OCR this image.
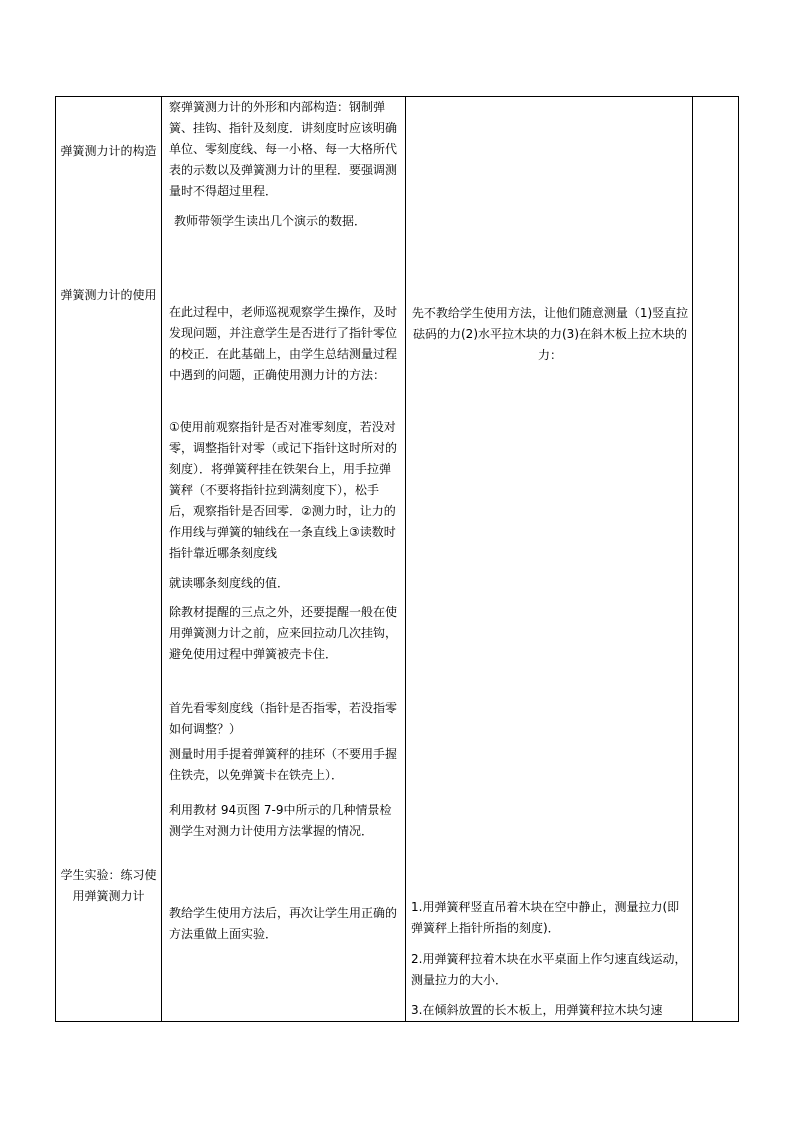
弹簧测力计的构造
弹簧测力计的使用
学生实验：练习使用弹簧测力计
察弹簧测力计的外形和内部构造：钢制弹簧、挂钩、指针及刻度．讲刻度时应该明确单位、零刻度线、每一小格、每一大格所代表的示数以及弹簧测力计的里程．要强调测量时不得超过里程．
教师带领学生读出几个演示的数据．
在此过程中，老师巡视观察学生操作，及时发现问题，并注意学生是否进行了指针零位的校正．在此基础上，由学生总结测量过程中遇到的问题，正确使用测力计的方法：
①使用前观察指针是否对准零刻度，若没对零，调整指针对零（或记下指针这时所对的刻度）．将弹簧秤挂在铁架台上，用手拉弹簧秤（不要将指针拉到满刻度下），松手后，观察指针是否回零．②测力时，让力的作用线与弹簧的轴线在一条直线上③读数时指针靠近哪条刻度线
就读哪条刻度线的值．
除教材提醒的三点之外，还要提醒一般在使用弹簧测力计之前，应来回拉动几次挂钩，避免使用过程中弹簧被壳卡住．
首先看零刻度线（指针是否指零，若没指零如何调整？）
测量时用手提着弹簧秤的挂环（不要用手握住铁壳，以免弹簧卡在铁壳上）．
利用教材 94页图 7-9中所示的几种情景检测学生对测力计使用方法掌握的情况．
教给学生使用方法后，再次让学生用正确的方法重做上面实验．
先不教给学生使用方法，让他们随意测量（1)竖直拉砝码的力(2)水平拉木块的力(3)在斜木板上拉木块的力：
1.用弹簧秤竖直吊着木块在空中静止，测量拉力(即弹簧秤上指针所指的刻度)．
2.用弹簧秤拉着木块在水平桌面上作匀速直线运动，测量拉力的大小．
3.在倾斜放置的长木板上，用弹簧秤拉木块匀速
